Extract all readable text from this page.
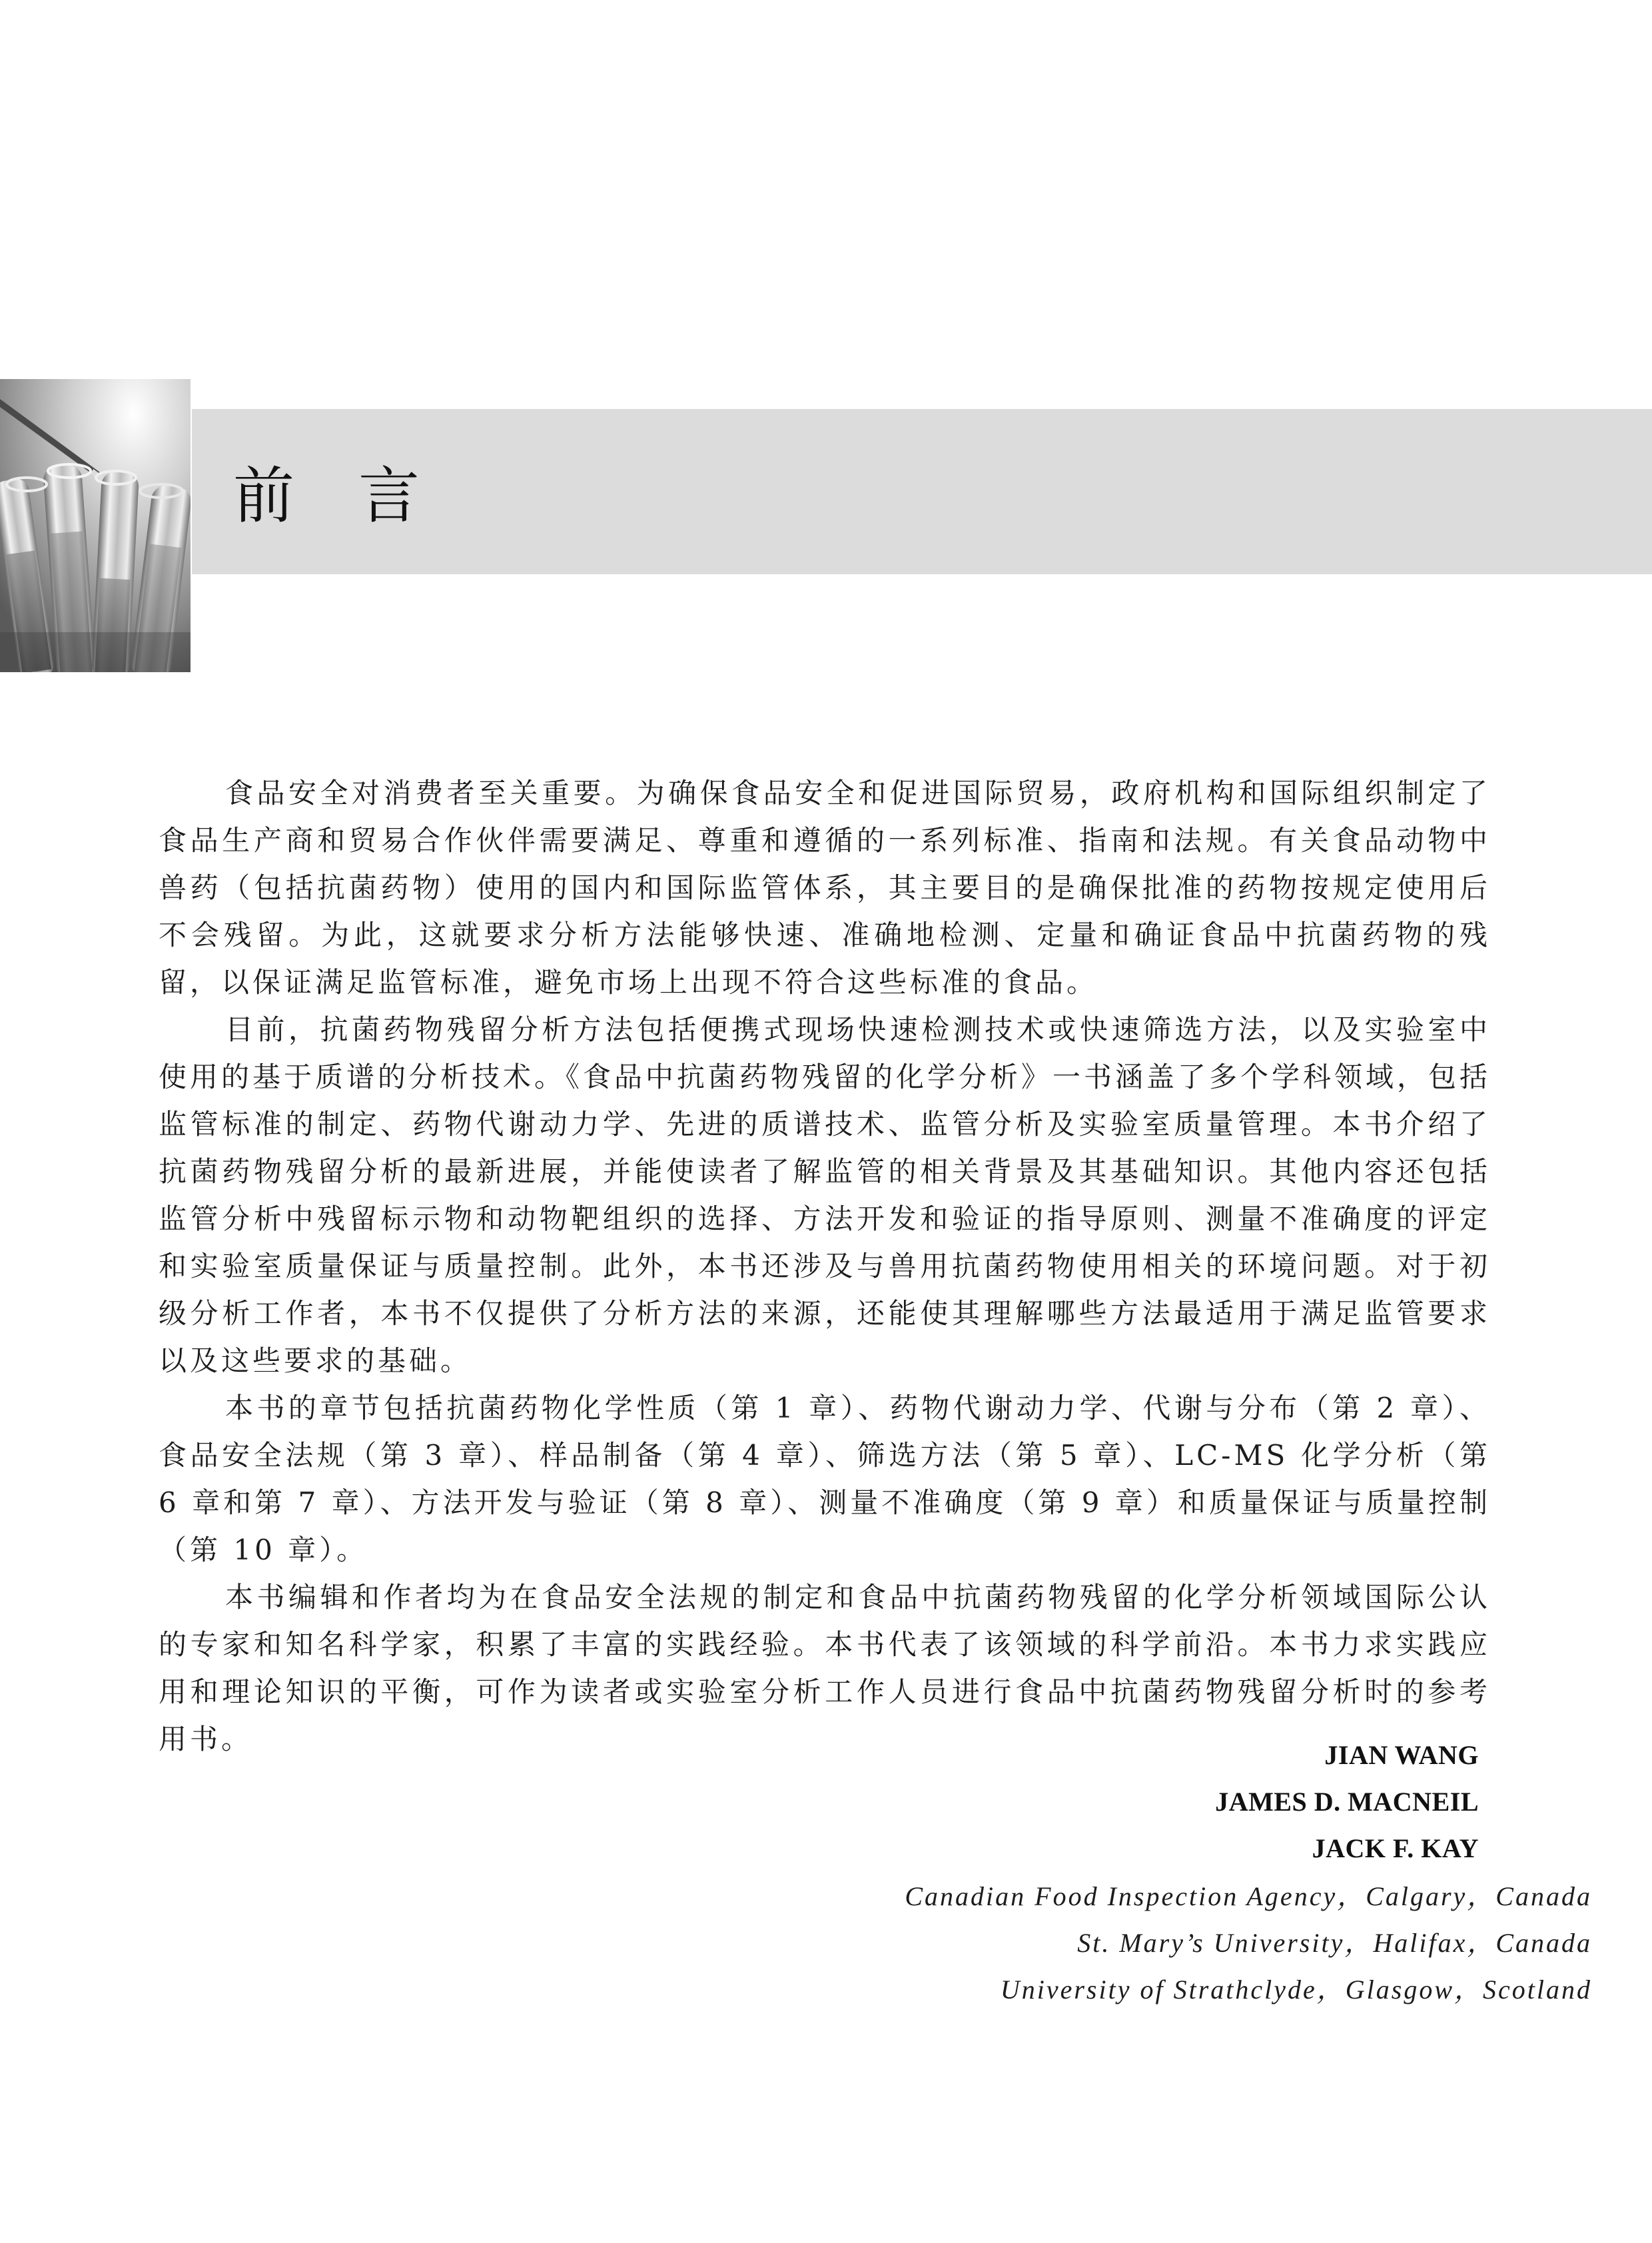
前言

食品安全对消费者至关重要。为确保食品安全和促进国际贸易，政府机构和国际组织制定了食品生产商和贸易合作伙伴需要满足、尊重和遵循的一系列标准、指南和法规。有关食品动物中兽药（包括抗菌药物）使用的国内和国际监管体系，其主要目的是确保批准的药物按规定使用后不会残留。为此，这就要求分析方法能够快速、准确地检测、定量和确证食品中抗菌药物的残留，以保证满足监管标准，避免市场上出现不符合这些标准的食品。

目前，抗菌药物残留分析方法包括便携式现场快速检测技术或快速筛选方法，以及实验室中使用的基于质谱的分析技术。《食品中抗菌药物残留的化学分析》一书涵盖了多个学科领域，包括监管标准的制定、药物代谢动力学、先进的质谱技术、监管分析及实验室质量管理。本书介绍了抗菌药物残留分析的最新进展，并能使读者了解监管的相关背景及其基础知识。其他内容还包括监管分析中残留标示物和动物靶组织的选择、方法开发和验证的指导原则、测量不准确度的评定和实验室质量保证与质量控制。此外，本书还涉及与兽用抗菌药物使用相关的环境问题。对于初级分析工作者，本书不仅提供了分析方法的来源，还能使其理解哪些方法最适用于满足监管要求以及这些要求的基础。

本书的章节包括抗菌药物化学性质（第 1 章）、药物代谢动力学、代谢与分布（第 2 章）、食品安全法规（第 3 章）、样品制备（第 4 章）、筛选方法（第 5 章）、LC-MS 化学分析（第 6 章和第 7 章）、方法开发与验证（第 8 章）、测量不准确度（第 9 章）和质量保证与质量控制（第 10 章）。

本书编辑和作者均为在食品安全法规的制定和食品中抗菌药物残留的化学分析领域国际公认的专家和知名科学家，积累了丰富的实践经验。本书代表了该领域的科学前沿。本书力求实践应用和理论知识的平衡，可作为读者或实验室分析工作人员进行食品中抗菌药物残留分析时的参考用书。	JIAN WANG
JAMES D. MACNEIL
JACK F. KAY
Canadian Food Inspection Agency，Calgary，Canada
St. Mary’s University，Halifax，Canada
University of Strathclyde，Glasgow，Scotland
